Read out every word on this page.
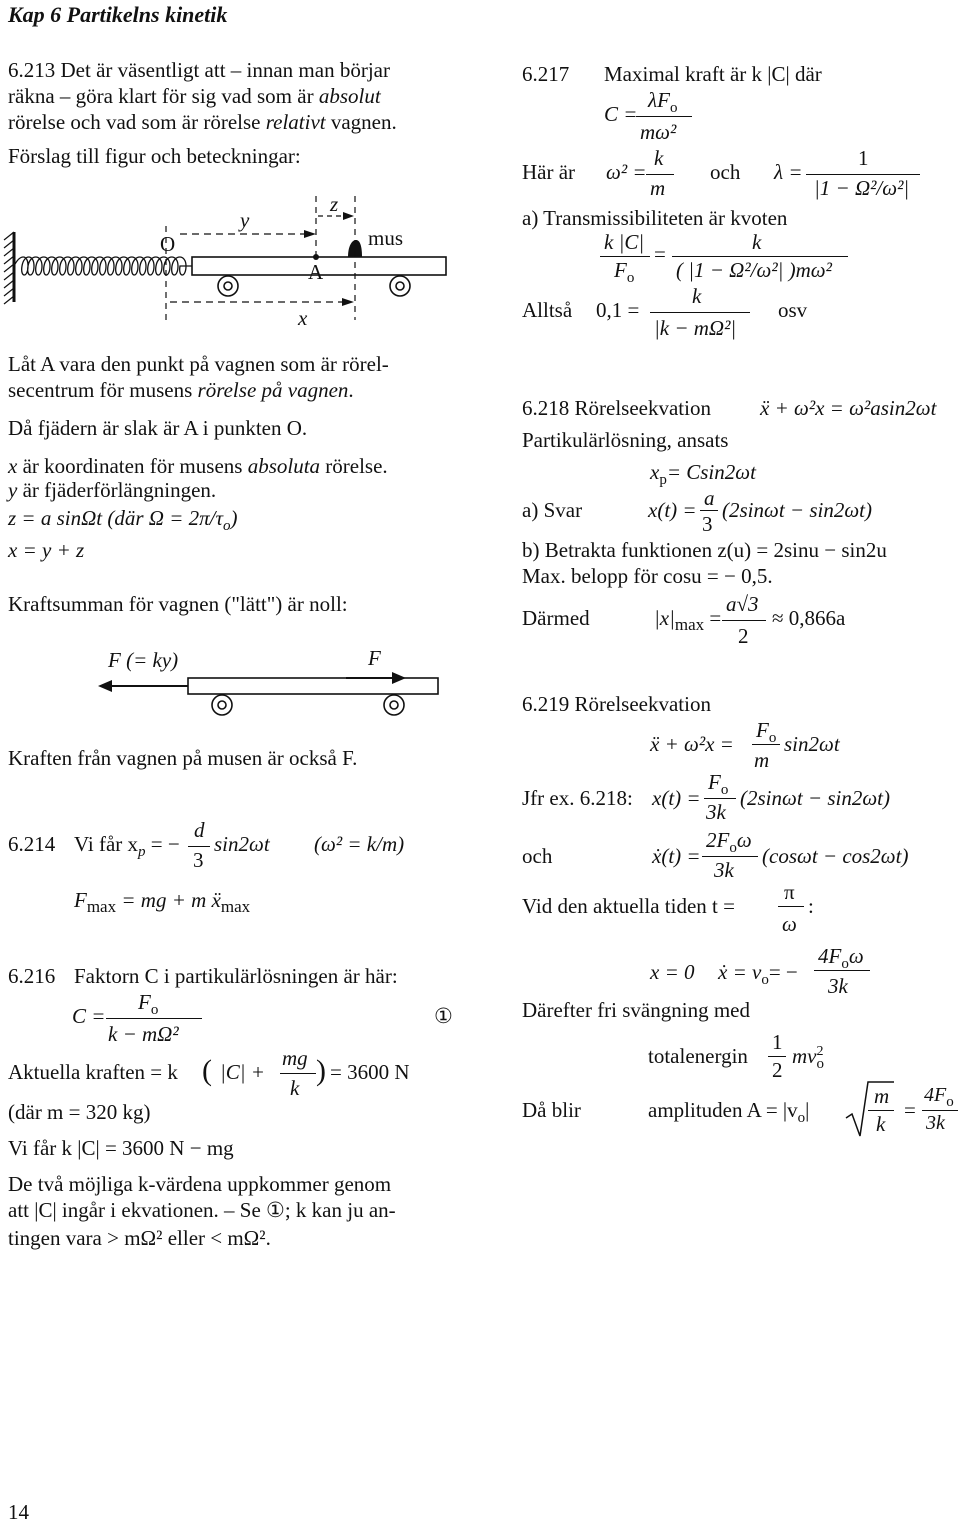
Kap 6 Partikelns kinetik
6.213 Det är väsentligt att – innan man börjar
räkna – göra klart för sig vad som är absolut
rörelse och vad som är rörelse relativt vagnen.
Förslag till figur och beteckningar:
y
z
O
A
mus
x
Låt A vara den punkt på vagnen som är rörel-
secentrum för musens rörelse på vagnen.
Då fjädern är slak är A i punkten O.
x är koordinaten för musens absoluta rörelse.
y är fjäderförlängningen.
z = a sinΩt (där $\Omega = 2\pi/\tau_o$)
x = y + z
Kraftsumman för vagnen ("lätt") är noll:
F (= ky)	F
Kraften från vagnen på musen är också F.
6.214 Vi får $x_p$ = −
d
3
sin2ωt (ω² = k/m)
$F_{max}$ = mg + m ẍ$_{max}$
6.216 Faktorn C i partikulärlösningen är här:
C =
$F_o$
k − mΩ²
①
Aktuella kraften = k ( |C| +
mg
k
) = 3600 N
(där m = 320 kg)
Vi får k |C| = 3600 N − mg
De två möjliga k-värdena uppkommer genom
att |C| ingår i ekvationen. – Se ①; k kan ju an-
tingen vara > mΩ² eller < mΩ².
14
6.217 Maximal kraft är k |C| där
C =
$\lambda F_o$
mω²
Här är ω² =
k
m
och λ =
1
|1 − Ω²/ω²|
a) Transmissibiliteten är kvoten
k |C|
$F_o$
=	k
( |1 − Ω²/ω²| )mω²
Alltså 0,1 =
k
|k − mΩ²|
osv
6.218 Rörelseekvation ẍ + ω²x = ω²asin2ωt
Partikulärlösning, ansats
$x_p= Csin2\omega t$
a) Svar	x(t) = a
3
(2sinωt − sin2ωt)
b) Betrakta funktionen z(u) = 2sinu − sin2u
Max. belopp för cosu = − 0,5.
Därmed	$|x|_{max}$ =
a√3
2
≈ 0,866a
6.219 Rörelseekvation
ẍ + ω²x =
$F_o$
m
sin2ωt
Jfr ex. 6.218: x(t) =
$F_o$
3k
(2sinωt − sin2ωt)
och	ẋ(t) =
$2F_o\omega$
3k
(cosωt − cos2ωt)
Vid den aktuella tiden t =
π
ω
:
x = 0 ẋ = $v_o=$ −
$4F_o\omega$
3k
Därefter fri svängning med
totalenergin
1
2
$mv^2_o$
Då blir	amplituden $A = |v_o|$
m
k
=
$4F_o$
3k
